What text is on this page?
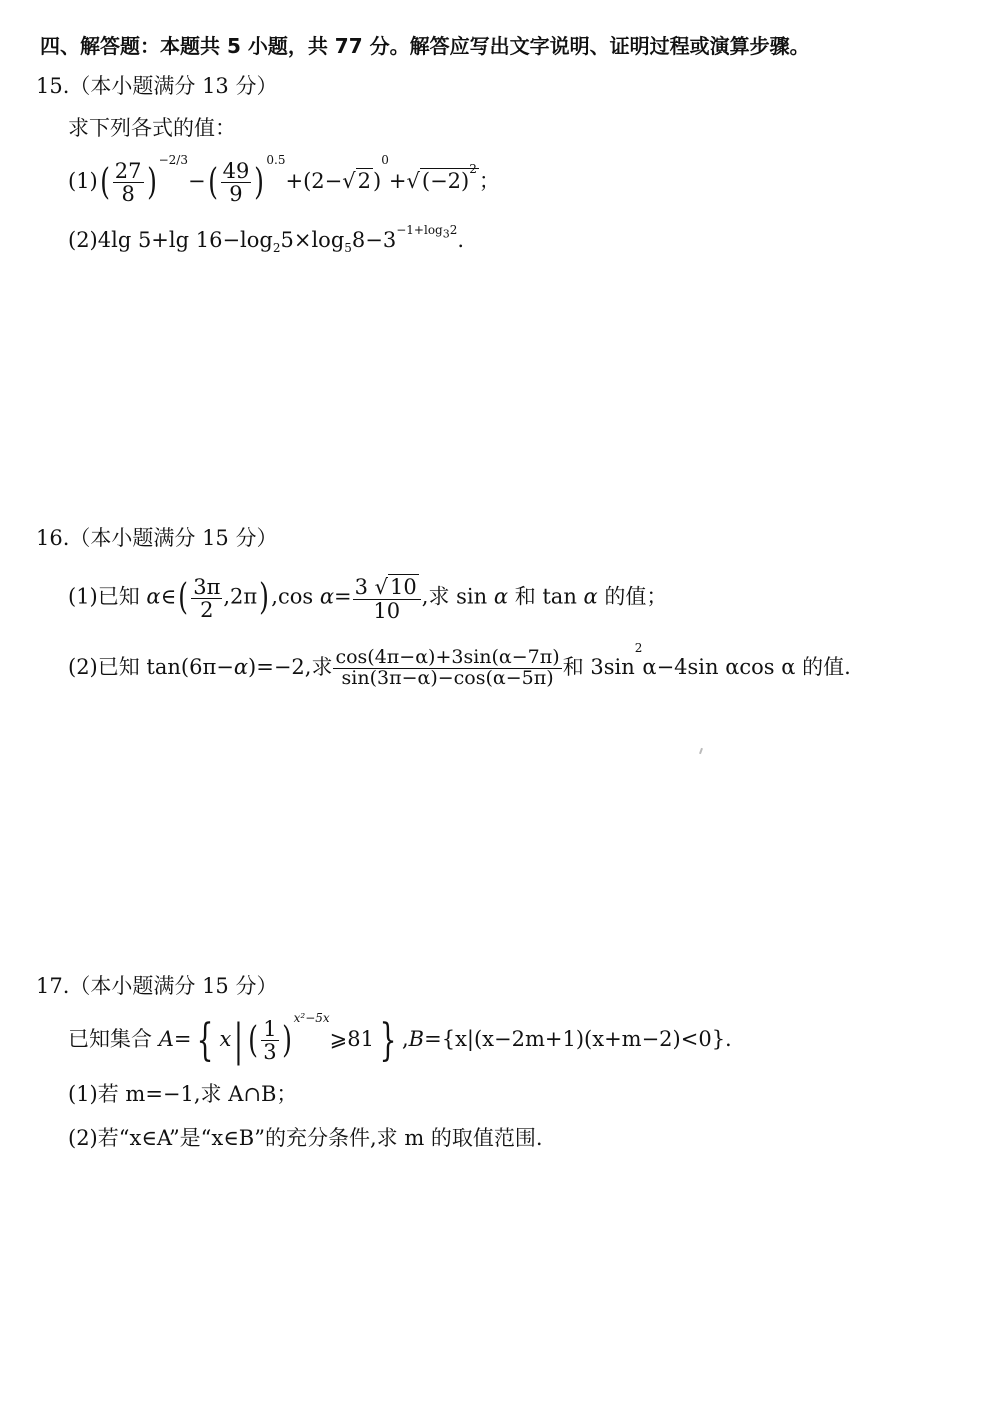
四、解答题：本题共 5 小题，共 77 分。解答应写出文字说明、证明过程或演算步骤。
15.（本小题满分 13 分）
求下列各式的值：
$(1)( \frac{27}{8} )^{-2/3}-( \frac{49}{9} )^{0.5}+(2-√2)^0+√(-2)^2$；
(2)4lg 5+lg $16-\log_25\times\log_58-3^{-1+log_32}$.
16.（本小题满分 15 分）
(1)已知 α∈( $\frac{3\pi}{2} ,2\pi$) ,cos $\alpha= \frac{3 √10}{10}$ ,求 sin α 和 tan α 的值；
(2)已知 tan(6π−α)=−2,求 $\frac{\cos(4\pi-\alpha)+3\sin(\alpha-7\pi)}{\sin(3\pi-\alpha)-\cos(\alpha-5\pi)}$ 和 $3\sin^2\alpha-4\sin$ αcos α 的值.
17.（本小题满分 15 分）
已知集合 A= { x| ( $\frac{1}{3}$ )$^{x^2-5x}$⩾81 } ,B={x|(x−2m+1)(x+m−2)<0}.
(1)若 m=−1,求 A∩B；
(2)若“x∈A”是“x∈B”的充分条件,求 m 的取值范围.
